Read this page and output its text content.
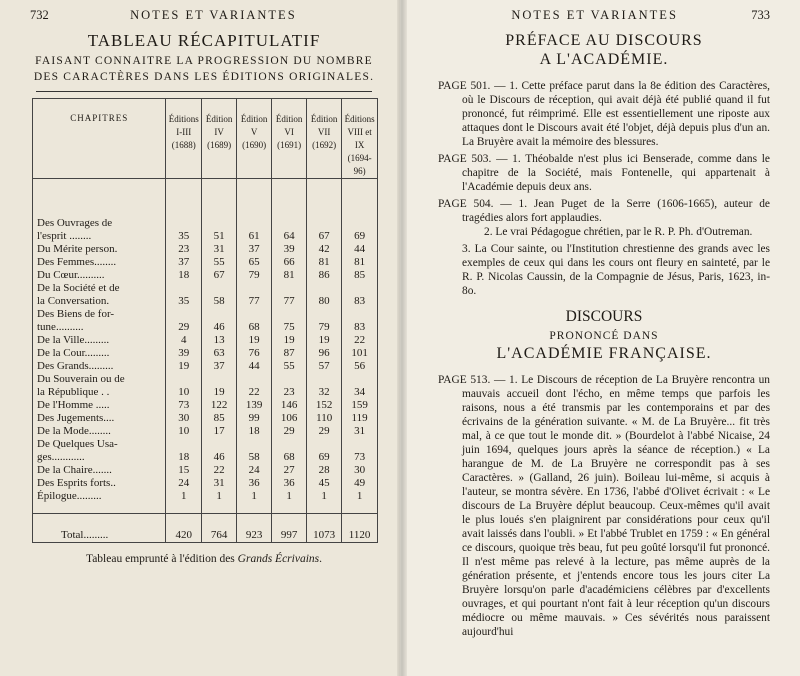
732	NOTES ET VARIANTES
TABLEAU RÉCAPITULATIF
FAISANT CONNAITRE LA PROGRESSION DU NOMBRE
DES CARACTÈRES DANS LES ÉDITIONS ORIGINALES.
CHAPITRES	Éditions
I-III
(1688)	Édition
IV
(1689)	Édition
V
(1690)	Édition
VI
(1691)	Édition
VII
(1692)	Éditions
VIII et IX
(1694-96)

Des Ouvrages de
l'esprit ........	35	51	61	64	67	69

Du Mérite person.	23	31	37	39	42	44

Des Femmes........	37	55	65	66	81	81

Du Cœur..........	18	67	79	81	86	85

De la Société et de
la Conversation.	35	58	77	77	80	83

Des Biens de for-
tune..........	29	46	68	75	79	83

De la Ville.........	4	13	19	19	19	22

De la Cour.........	39	63	76	87	96	101

Des Grands.........	19	37	44	55	57	56

Du Souverain ou de
la République . .	10	19	22	23	32	34

De l'Homme .....	73	122	139	146	152	159

Des Jugements....	30	85	99	106	110	119

De la Mode........	10	17	18	29	29	31

De Quelques Usa-
ges............	18	46	58	68	69	73

De la Chaire.......	15	22	24	27	28	30

Des Esprits forts..	24	31	36	36	45	49

Épilogue.........	1	1	1	1	1	1

Total.........	420	764	923	997	1073	1120
Tableau emprunté à l'édition des Grands Écrivains.
NOTES ET VARIANTES	733
PRÉFACE AU DISCOURS
A L'ACADÉMIE.

PAGE 501. — 1. Cette préface parut dans la 8e édition des Caractères, où le Discours de réception, qui avait déjà été publié quand il fut prononcé, fut réimprimé. Elle est essentiellement une riposte aux attaques dont le Discours avait été l'objet, déjà depuis plus d'un an. La Bruyère avait la mémoire des blessures.

PAGE 503. — 1. Théobalde n'est plus ici Benserade, comme dans le chapitre de la Société, mais Fontenelle, qui appartenait à l'Académie depuis deux ans.

PAGE 504. — 1. Jean Puget de la Serre (1606-1665), auteur de tragédies alors fort applaudies.

2. Le vrai Pédagogue chrétien, par le R. P. Ph. d'Outreman.

3. La Cour sainte, ou l'Institution chrestienne des grands avec les exemples de ceux qui dans les cours ont fleury en sainteté, par le R. P. Nicolas Caussin, de la Compagnie de Jésus, Paris, 1623, in-8o.

DISCOURS
PRONONCÉ DANS
L'ACADÉMIE FRANÇAISE.

PAGE 513. — 1. Le Discours de réception de La Bruyère rencontra un mauvais accueil dont l'écho, en même temps que parfois les raisons, nous a été transmis par les contemporains et par des écrivains de la génération suivante. « M. de La Bruyère... fit très mal, à ce que tout le monde dit. » (Bourdelot à l'abbé Nicaise, 24 juin 1694, quelques jours après la séance de réception.) « La harangue de M. de La Bruyère ne correspondit pas à ses Caractères. » (Galland, 26 juin). Boileau lui-même, si acquis à l'auteur, se montra sévère. En 1736, l'abbé d'Olivet écrivait : « Le discours de La Bruyère déplut beaucoup. Ceux-mêmes qu'il avait le plus loués s'en plaignirent par considérations pour ceux qu'il avait laissés dans l'oubli. » Et l'abbé Trublet en 1759 : « En général ce discours, quoique très beau, fut peu goûté lorsqu'il fut prononcé. Il n'est même pas relevé à la lecture, pas même auprès de la génération présente, et j'entends encore tous les jours citer La Bruyère lorsqu'on parle d'académiciens célèbres par d'excellents ouvrages, et qui pourtant n'ont fait à leur réception qu'un discours médiocre ou même mauvais. » Ces sévérités nous paraissent aujourd'hui
